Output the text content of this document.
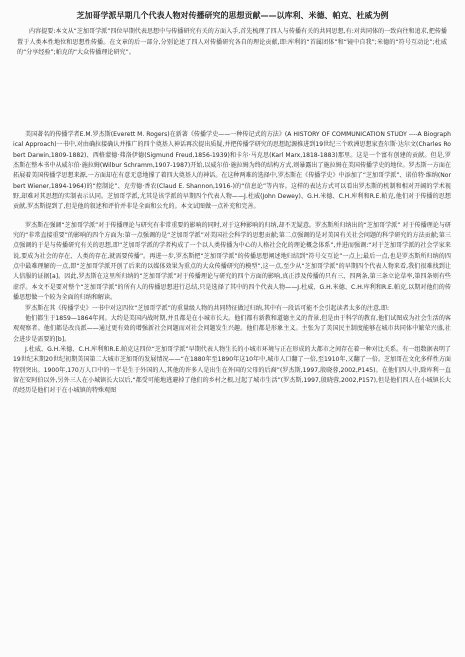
芝加哥学派早期几个代表人物对传播研究的思想贡献——以库利、米德、帕克、杜威为例

内容提要:本文从“芝加哥学派”四位早期代表思想中与传播研究有关的方面入手,首先梳理了四人与传播有关的共同思想,有:对共同体的一致向往和追求,把传播置于人类本性地位和思想性传播。在文章的后一部分,分别论述了四人对传播研究各自的理论贡献,即:库利的“首属团体”和“镜中自我”;米德的“符号互动论”;杜威的“分享经验”;帕克的“大众传播理论研究”。

美国著名的传播学者E.M.罗杰斯(Everett M. Rogers)在新著《传播学史——一种传记式的方法》(A HISTORY OF COMMUNICATION STUDY ----A Biographical Approach)一书中,对由确拉接确认并推广的四个奠基人神话再次提出质疑,并把传播学研究的思想起源推进到19世纪三个欧洲思想家查尔斯·达尔文(Charles Robert Darwin,1809-1882)、西格蒙德·弗洛伊德(Sigmund Freud,1856-1939)和卡尔·马克思(Karl Marx,1818-1883)那里。这是一个富有创建的贡献。但是,罗杰斯在整本书中从威尔伯·施拉姆(Wilbur Schramm,1907-1987)开始,以威尔伯·施拉姆为终的结构方式,则暴露出了施拉姆在美国传播学史的地位。罗杰斯一方面在拓展着美国传播学思想来源,一方面却在有意无意地撑了着四大奠基人的神话。在这种两难的选择中,罗杰斯在《传播学史》中添加了“芝加哥学派”、诺伯特·维纳(Norbert Wiener,1894-1964)的“控制论”、克劳德·香农(Claud E. Shannon,1916-)的“信息论”等内容。这样的表达方式可以看出罗杰斯的机制和相对开阔的学术视野,却难对其思想的实制表示认同。芝加哥学派,尤其是该学派的早期四个代表人物——J.杜威(John Dewey)、G.H.米德、C.H.库利和R.E.帕克,他们对于传播的思想贡献,罗杰斯提到了,但是他的叙述和评价并非是全面和公允的。本文试图做一点补充和完善。

罗杰斯在强调“芝加哥学派”对于传播理论与研究有非常重要的影响的同时,对于这种影响的归纳,却不无疑意。罗杰斯所归纳出的“芝加哥学派” 对于传播理论与研究的“非常直接重要”的影响的四个方面为:第一点强调的是“芝加哥学派”对美国社会科学的思想贡献;第二点强调的是对美国有关社会问题的科学研究的方法贡献;第三点强调的于是与传播研究有关的思想,即“芝加哥学派的学者构成了一个以人类传播为中心的人格社会化的理论概念体系”,并进而强调:“对于芝加哥学派的社会学家来说,要成为社会的存在、人类的存在,就需要传播”。再进一步,罗杰斯把“芝加哥学派”的传播思想阐述地归结到“符号交互论”一点上;最后一点,也是罗杰斯所归纳的四点中最难理解的一点,即“芝加哥学派开创了后来的以媒体效果为重点的大众传播研究的模型”,这一点,至少从“芝加哥学派”的早期四个代表人物来看,我们很难找到让人信服的证据[a]。因此,罗杰斯在这里所归纳的“芝加哥学派”对于传播理论与研究的四个方面的影响,真正涉及传播的只有三、四两条,第三条立论草率,第四条则有些虚浮。本文不是要对整个“芝加哥学派”的所有人的传播思想进行总结,只是选择了其中的四个代表人物——J.杜威、G.H.米德、C.H.库利和R.E.帕克,以期对他们的传播思想做一个较为全面的归纳和解读。

罗杰斯在其《传播学史》一书中对这四位“芝加哥学派”的重量级人物的共同特征做过归纳,其中有一段话可能不会引起读者太多的注意,即:

他们都生于1859—1864年间。大约是美国内战时期,并且都是在小城市长大。他们都有新教和道德主义的背景,但是由于科学的教育,他们试图成为社会生活的客观观察者。他们都是改良派——通过更有效的增强新社会问题而对社会问题发生兴趣。他们都是形象主义。主张为了美国民主制度能够在城市共同体中繁荣兴盛,社会进步是需要的[b]。

J.杜威、G.H.米德、C.H.库利和R.E.帕克这四位“芝加哥学派”早期代表人物生长的小城市环境与正在形成的大都市之间存在着一种对比关系。有一组数据表明了19世纪末期20世纪初期美国第二大城市芝加哥的发展情况——“在1880年至1890年这10年中,城市人口翻了一倍,至1910年,又翻了一倍。芝加哥在文化多样性方面特别突出。1900年,170万人口中的一半是生于外国的人,其他的许多人是出生在外国的父母的后裔”(罗杰斯,1997,殷晓蓉,2002,P145)。在他们四人中,除库利一直留在安阿伯以外,另外三人在小城镇长大以后,“都受可能地逃避掉了他们的乡村之根,过起了城市生活”(罗杰斯,1997,殷晓蓉,2002,P157),但是他们四人在小城镇长大的经历是他们对于在小城镇的特殊观图
